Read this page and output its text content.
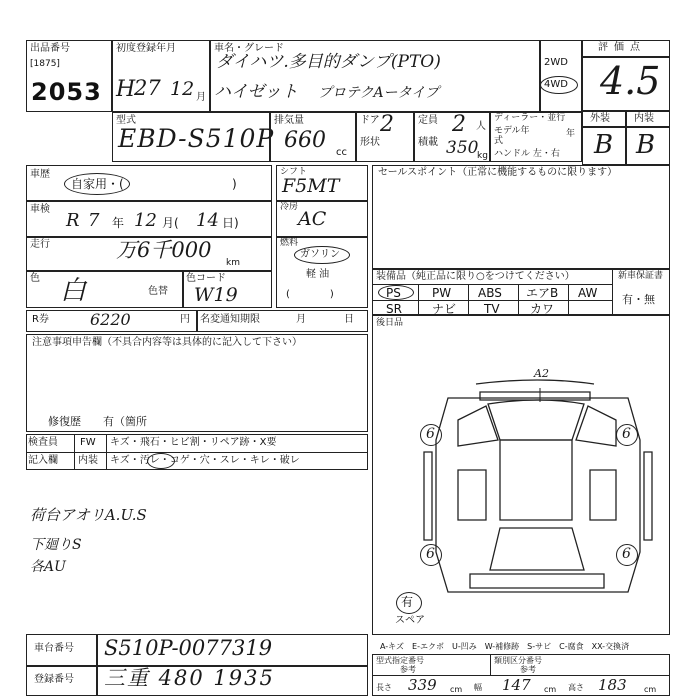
出品番号
[1875]
2053
初度登録年月
H
27 12 月
車名・グレード
ダイハツ.多目的ダンプ(PTO)
ハイゼット プロテクAータイプ
2WD
4WD
評価点
4.5
外装 内装
B B
型式
EBD-S510P
排気量
660 cc
ドア 2
形状
定員 2 人
積載 350
kg
ディーラー・並行
モデル年式
年
ハンドル 左・右
車歴
自家用・(	)
車検
R 7 年 12 月( 14 日)
走行	万6千000
km
色 白	色替
色コード
W19
シフト
F5MT
冷房
AC
燃料
ガソリン
軽 油
(　　　　)
セールスポイント（正常に機能するものに限ります）
装備品（純正品に限り○をつけてください）
PS	PW ABS エアB AW
SR	ナビ TV	カワ
新車保証書
有・無
R券	6220	円 名変通知期限	月	日 後日品
注意事項申告欄（不具合内容等は具体的に記入して下さい）
修復歴　　有（箇所
検査員
記入欄
FW キズ・飛石・ヒビ割・リペア跡・X要
内装 キズ・汚レ・コゲ・穴・スレ・キレ・破レ
荷台アオリA.U.S
下廻りS
各AU
A2
6	6
6	6
有
スペア
A-キズ　E-エクボ　U-凹み　W-補修跡　S-サビ　C-腐食　XX-交換済
車台番号 S510P-0077319
登録番号 三重 480 1935
型式指定番号
参考
類別区分番号
参考
長さ 339 cm 幅 147 cm 高さ 183 cm
